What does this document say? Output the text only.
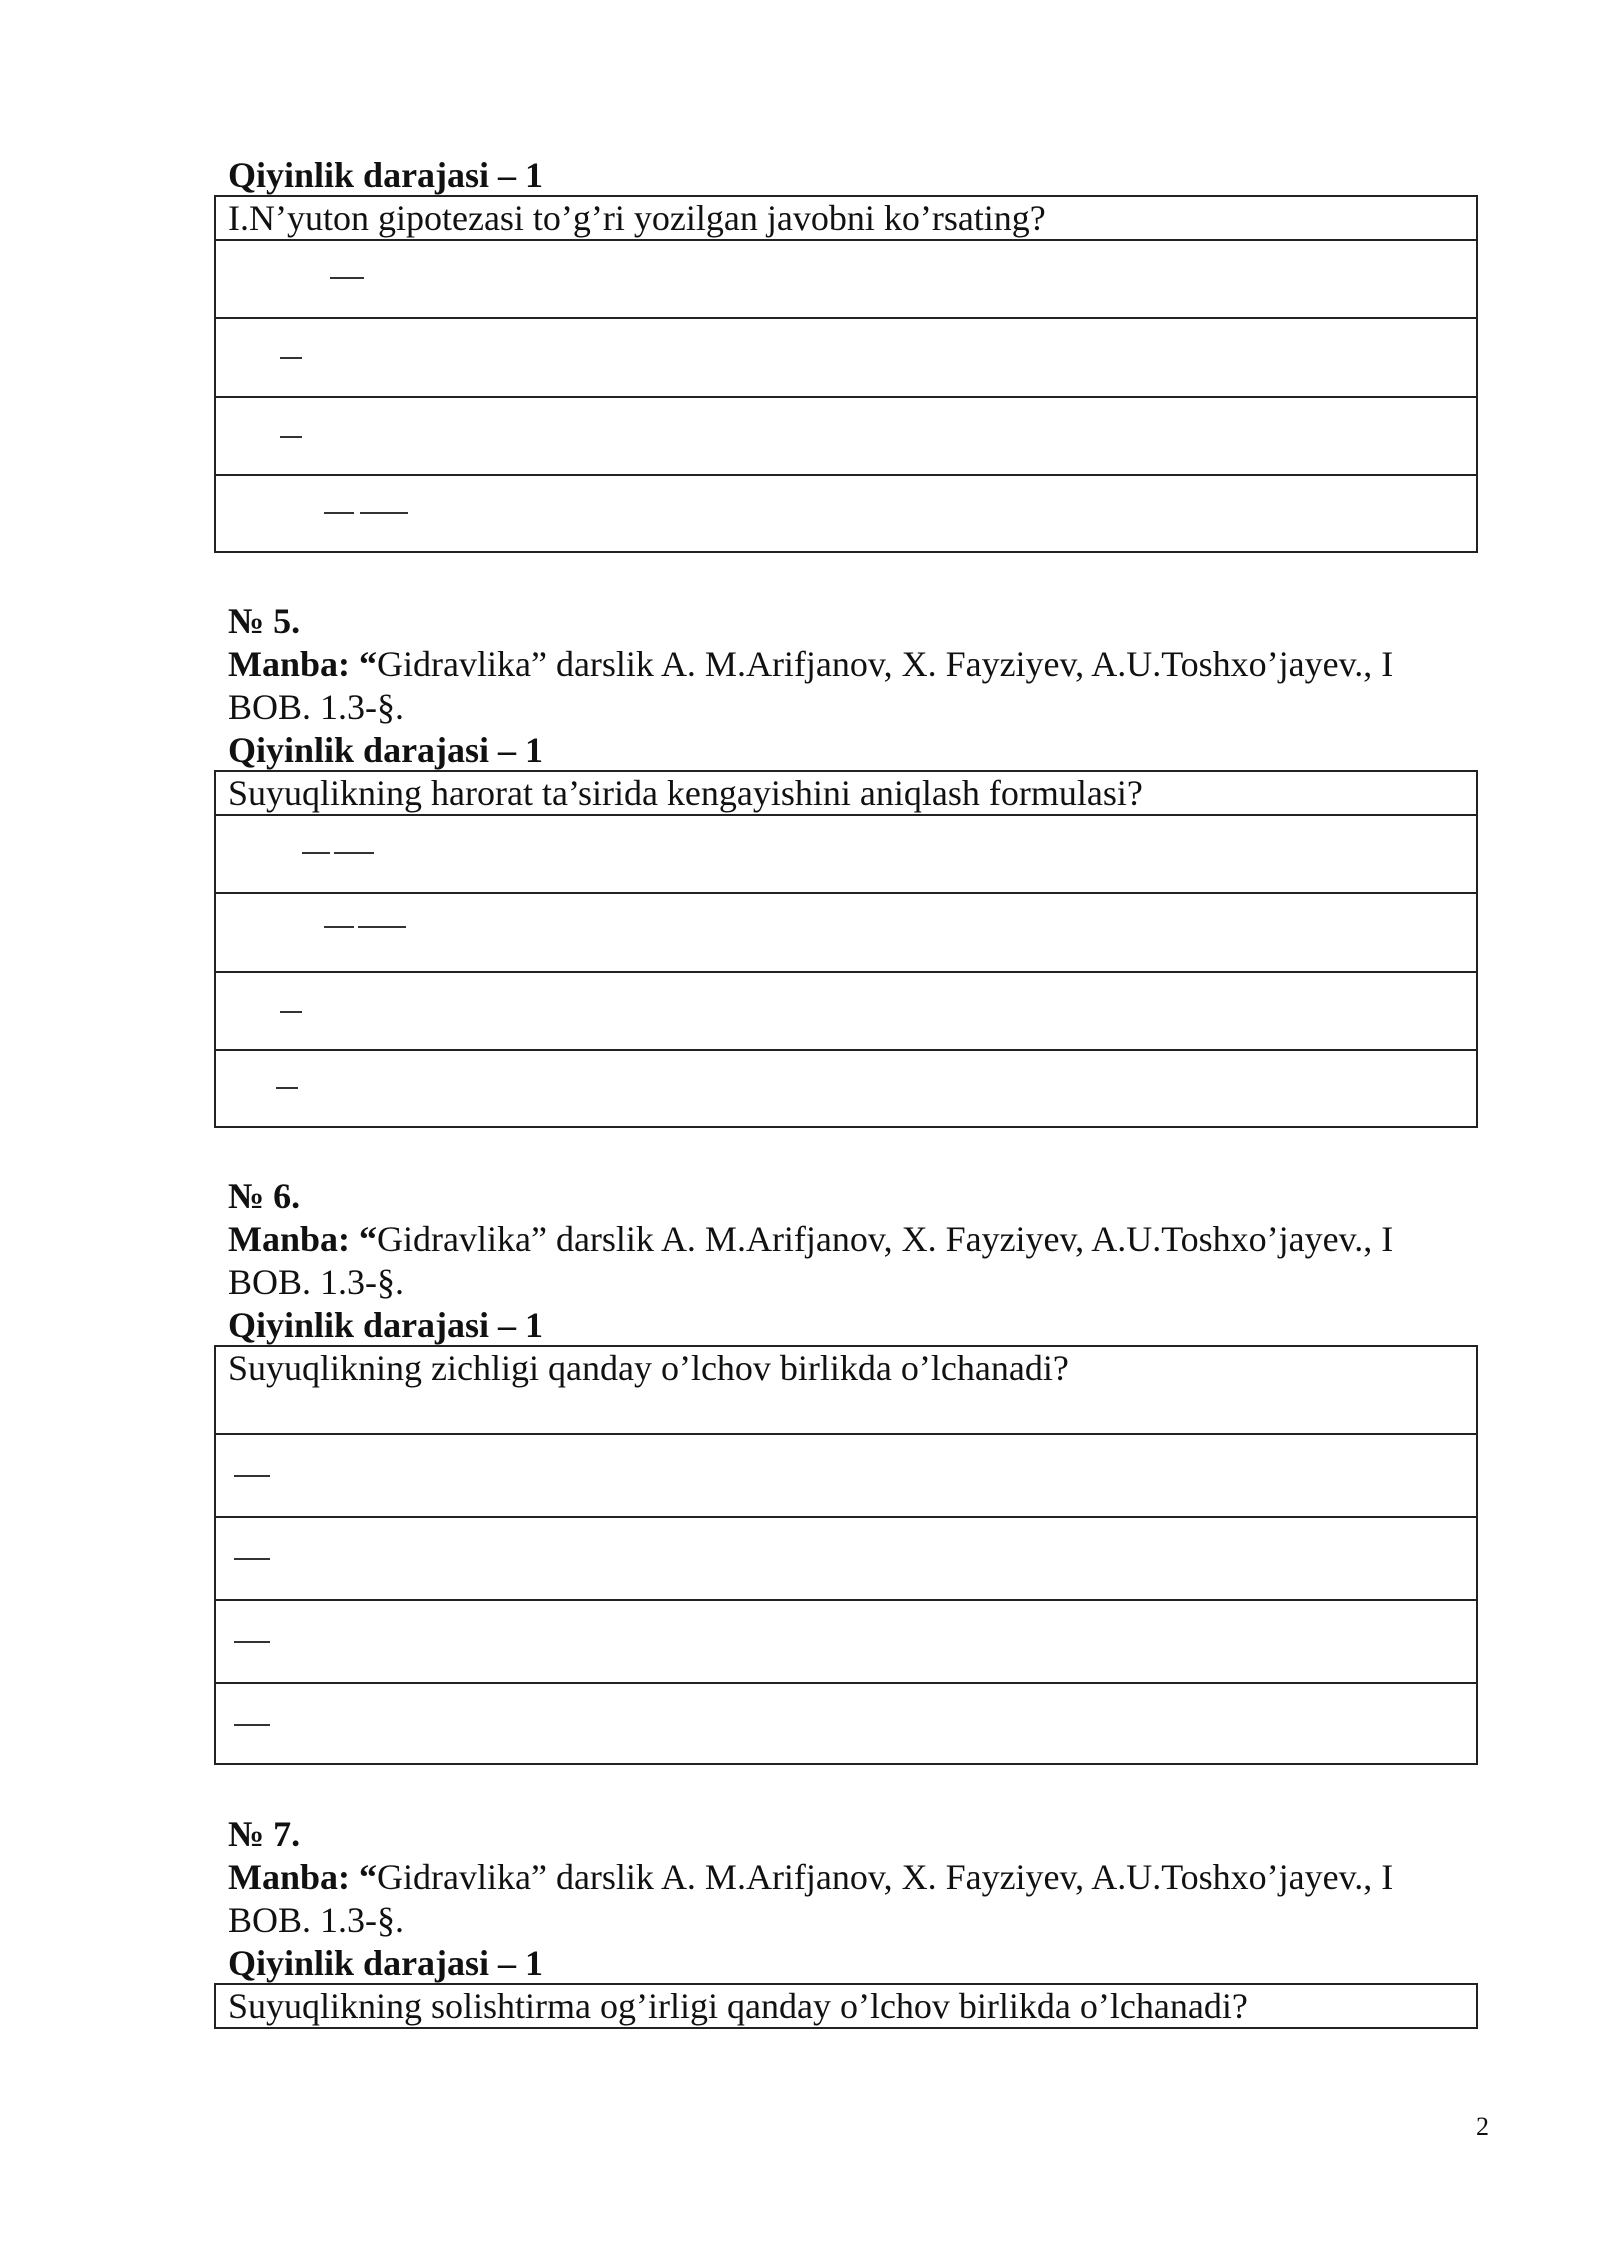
Qiyinlik darajasi – 1

I.N’yuton gipotezasi to’g’ri yozilgan javobni ko’rsating?

№ 5.

Manba: “Gidravlika” darslik A. M.Arifjanov, X. Fayziyev, A.U.Toshxo’jayev., I

BOB. 1.3-§.

Qiyinlik darajasi – 1

Suyuqlikning harorat ta’sirida kengayishini aniqlash formulasi?

№ 6.

Manba: “Gidravlika” darslik A. M.Arifjanov, X. Fayziyev, A.U.Toshxo’jayev., I

BOB. 1.3-§.

Qiyinlik darajasi – 1

Suyuqlikning zichligi qanday o’lchov birlikda o’lchanadi?

№ 7.

Manba: “Gidravlika” darslik A. M.Arifjanov, X. Fayziyev, A.U.Toshxo’jayev., I

BOB. 1.3-§.

Qiyinlik darajasi – 1

Suyuqlikning solishtirma og’irligi qanday o’lchov birlikda o’lchanadi?
2
